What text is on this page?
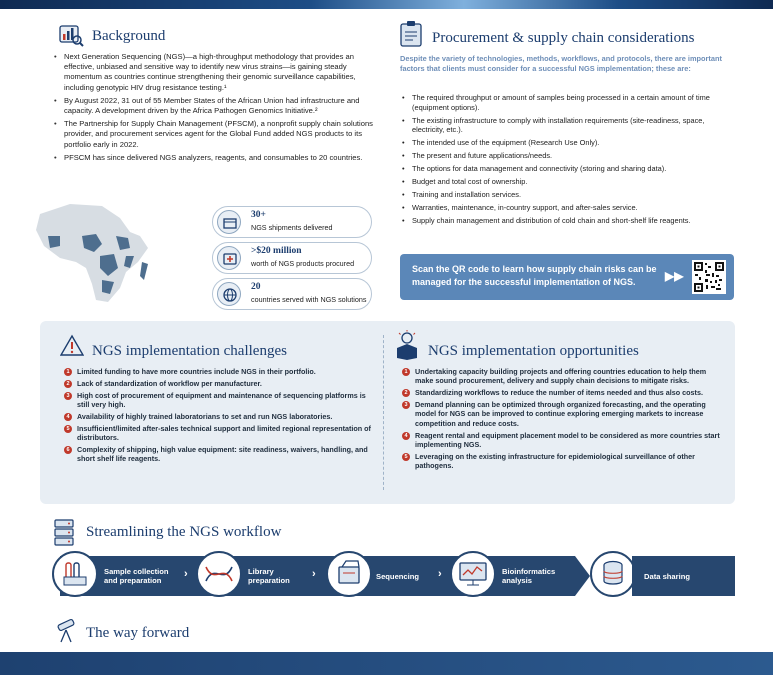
Background
• Next Generation Sequencing (NGS)—a high-throughput methodology that provides an effective, unbiased and sensitive way to identify new virus strains—is gaining steady momentum as countries continue strengthening their genomic surveillance capabilities, including genotypic HIV drug resistance testing.¹
• By August 2022, 31 out of 55 Member States of the African Union had infrastructure and capacity. A development driven by the Africa Pathogen Genomics Initiative.²
• The Partnership for Supply Chain Management (PFSCM), a nonprofit supply chain solutions provider, and procurement services agent for the Global Fund added NGS products to its portfolio early in 2022.
• PFSCM has since delivered NGS analyzers, reagents, and consumables to 20 countries.
30+
NGS shipments delivered
>$20 million
worth of NGS products procured
20
countries served with NGS solutions
Procurement & supply chain considerations
Despite the variety of technologies, methods, workflows, and protocols, there are important factors that clients must consider for a successful NGS implementation; these are:
• The required throughput or amount of samples being processed in a certain amount of time (equipment options).
• The existing infrastructure to comply with installation requirements (site-readiness, space, electricity, etc.).
• The intended use of the equipment (Research Use Only).
• The present and future applications/needs.
• The options for data management and connectivity (storing and sharing data).
• Budget and total cost of ownership.
• Training and installation services.
• Warranties, maintenance, in-country support, and after-sales service.
• Supply chain management and distribution of cold chain and short-shelf life reagents.
Scan the QR code to learn how supply chain risks can be managed for the successful implementation of NGS.	▶▶
NGS implementation challenges
1	Limited funding to have more countries include NGS in their portfolio.
2	Lack of standardization of workflow per manufacturer.
3	High cost of procurement of equipment and maintenance of sequencing platforms is still very high.
4	Availability of highly trained laboratorians to set and run NGS laboratories.
5	Insufficient/limited after-sales technical support and limited regional representation of distributors.
6	Complexity of shipping, high value equipment: site readiness, waivers, handling, and short shelf life reagents.
NGS implementation opportunities
1	Undertaking capacity building projects and offering countries education to help them make sound procurement, delivery and supply chain decisions to mitigate risks.
2	Standardizing workflows to reduce the number of items needed and thus also costs.
3	Demand planning can be optimized through organized forecasting, and the operating model for NGS can be improved to continue exploring emerging markets to increase competition and reduce costs.
4	Reagent rental and equipment placement model to be considered as more countries start implementing NGS.
5	Leveraging on the existing infrastructure for epidemiological surveillance of other pathogens.
Streamlining the NGS workflow
Sample collection and preparation
›	Library preparation
›	Sequencing	›	Bioinformatics analysis	Data sharing
The way forward
